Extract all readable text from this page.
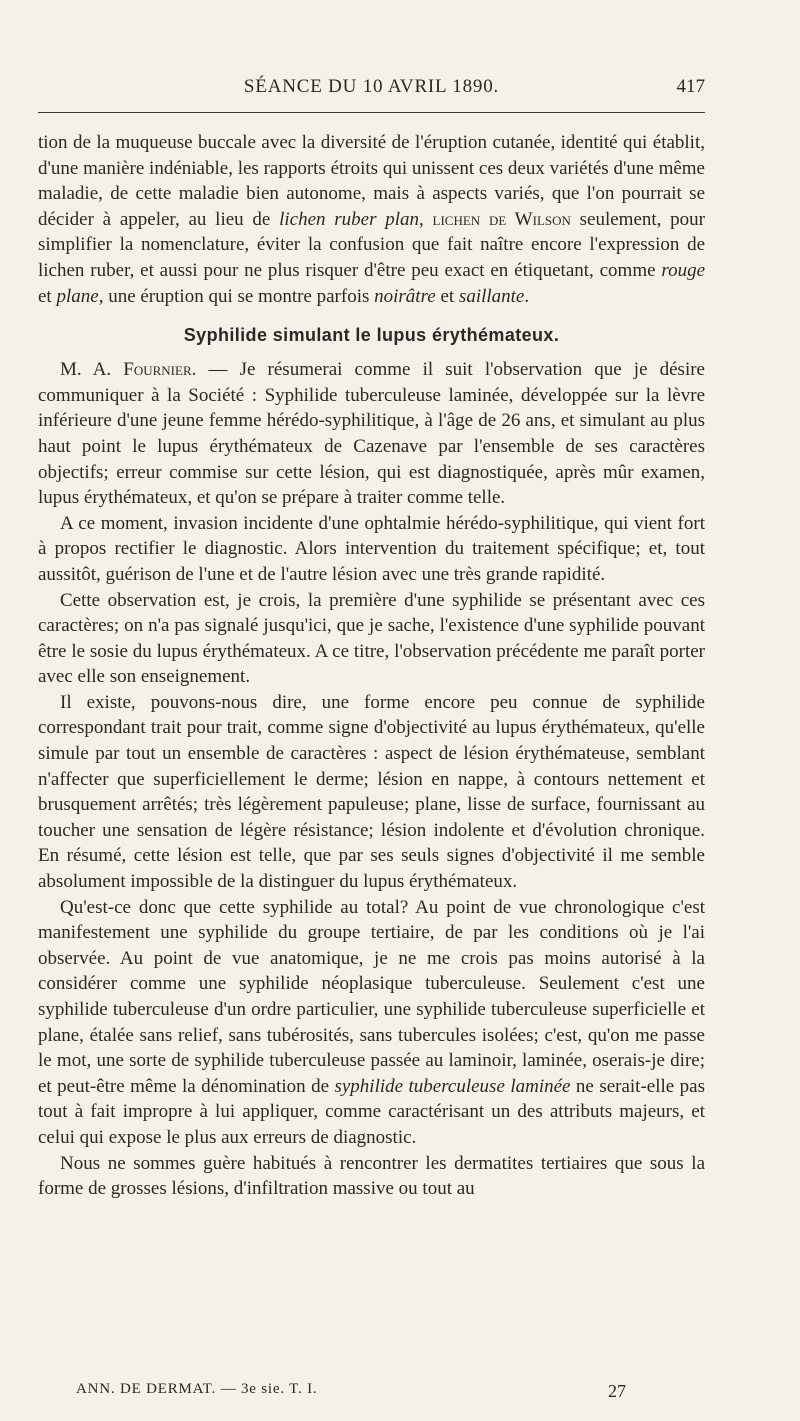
SÉANCE DU 10 AVRIL 1890.	417

tion de la muqueuse buccale avec la diversité de l'éruption cutanée, identité qui établit, d'une manière indéniable, les rapports étroits qui unissent ces deux variétés d'une même maladie, de cette maladie bien autonome, mais à aspects variés, que l'on pourrait se décider à appeler, au lieu de lichen ruber plan, lichen de Wilson seulement, pour simplifier la nomenclature, éviter la confusion que fait naître encore l'expression de lichen ruber, et aussi pour ne plus risquer d'être peu exact en étiquetant, comme rouge et plane, une éruption qui se montre parfois noirâtre et saillante.

Syphilide simulant le lupus érythémateux.

M. A. Fournier. — Je résumerai comme il suit l'observation que je désire communiquer à la Société : Syphilide tuberculeuse laminée, développée sur la lèvre inférieure d'une jeune femme hérédo-syphilitique, à l'âge de 26 ans, et simulant au plus haut point le lupus érythémateux de Cazenave par l'ensemble de ses caractères objectifs; erreur commise sur cette lésion, qui est diagnostiquée, après mûr examen, lupus érythémateux, et qu'on se prépare à traiter comme telle.

A ce moment, invasion incidente d'une ophtalmie hérédo-syphilitique, qui vient fort à propos rectifier le diagnostic. Alors intervention du traitement spécifique; et, tout aussitôt, guérison de l'une et de l'autre lésion avec une très grande rapidité.

Cette observation est, je crois, la première d'une syphilide se présentant avec ces caractères; on n'a pas signalé jusqu'ici, que je sache, l'existence d'une syphilide pouvant être le sosie du lupus érythémateux. A ce titre, l'observation précédente me paraît porter avec elle son enseignement.

Il existe, pouvons-nous dire, une forme encore peu connue de syphilide correspondant trait pour trait, comme signe d'objectivité au lupus érythémateux, qu'elle simule par tout un ensemble de caractères : aspect de lésion érythémateuse, semblant n'affecter que superficiellement le derme; lésion en nappe, à contours nettement et brusquement arrêtés; très légèrement papuleuse; plane, lisse de surface, fournissant au toucher une sensation de légère résistance; lésion indolente et d'évolution chronique. En résumé, cette lésion est telle, que par ses seuls signes d'objectivité il me semble absolument impossible de la distinguer du lupus érythémateux.

Qu'est-ce donc que cette syphilide au total? Au point de vue chronologique c'est manifestement une syphilide du groupe tertiaire, de par les conditions où je l'ai observée. Au point de vue anatomique, je ne me crois pas moins autorisé à la considérer comme une syphilide néoplasique tuberculeuse. Seulement c'est une syphilide tuberculeuse d'un ordre particulier, une syphilide tuberculeuse superficielle et plane, étalée sans relief, sans tubérosités, sans tubercules isolées; c'est, qu'on me passe le mot, une sorte de syphilide tuberculeuse passée au laminoir, laminée, oserais-je dire; et peut-être même la dénomination de syphilide tuberculeuse laminée ne serait-elle pas tout à fait impropre à lui appliquer, comme caractérisant un des attributs majeurs, et celui qui expose le plus aux erreurs de diagnostic.

Nous ne sommes guère habitués à rencontrer les dermatites tertiaires que sous la forme de grosses lésions, d'infiltration massive ou tout au

ANN. DE DERMAT. — 3e sie. T. I.	27
